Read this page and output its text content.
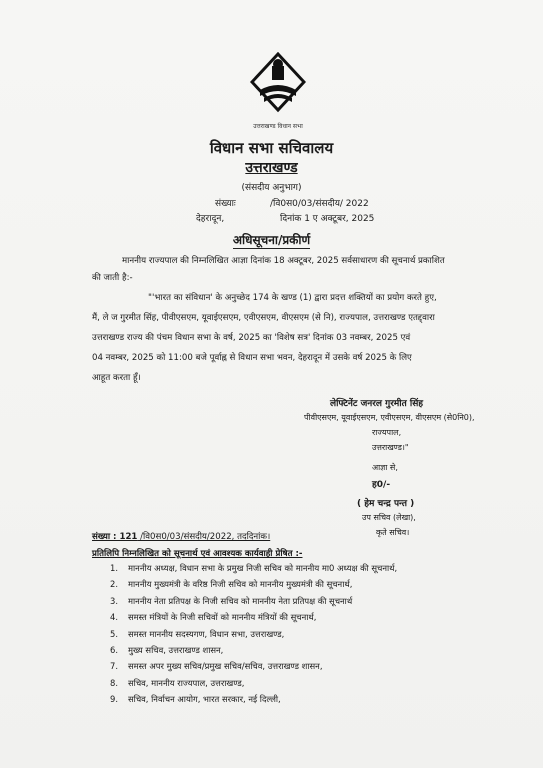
उत्तराखण्ड विधान सभा
विधान सभा सचिवालय
उत्तराखण्ड
(संसदीय अनुभाग)
संख्याः	/वि0स0/03/संसदीय/ 2022
देहरादून,	दिनांक 1 ए अक्टूबर, 2025
अधिसूचना/प्रकीर्ण
माननीय राज्यपाल की निम्नलिखित आज्ञा दिनांक 18 अक्टूबर, 2025 सर्वसाधारण की सूचनार्थ प्रकाशित
की जाती है:-
"'भारत का संविधान' के अनुच्छेद 174 के खण्ड (1) द्वारा प्रदत्त शक्तियों का प्रयोग करते हुए,
मैं, ले ज गुरमीत सिंह, पीवीएसएम, यूवाईएसएम, एवीएसएम, वीएसएम (से नि), राज्यपाल, उत्तराखण्ड एतद्द्वारा
उत्तराखण्ड राज्य की पंचम विधान सभा के वर्ष, 2025 का 'विशेष सत्र' दिनांक 03 नवम्बर, 2025 एवं
04 नवम्बर, 2025 को 11:00 बजे पूर्वाह्न से विधान सभा भवन, देहरादून में उसके वर्ष 2025 के लिए
आहूत करता हूँ।
लेफ्टिनेंट जनरल गुरमीत सिंह
पीवीएसएम, यूवाईएसएम, एवीएसएम, वीएसएम (से0नि0),
राज्यपाल,
उत्तराखण्ड।"
आज्ञा से,
ह0/-
( हेम चन्द्र पन्त )
उप सचिव (लेखा),
कृते सचिव।
संख्या : 121 /वि0स0/03/संसदीय/2022, तददिनांक।
प्रतिलिपि निम्नलिखित को सूचनार्थ एवं आवश्यक कार्यवाही प्रेषित :-
1. माननीय अध्यक्ष, विधान सभा के प्रमुख निजी सचिव को माननीय मा0 अध्यक्ष की सूचनार्थ,
2. माननीय मुख्यमंत्री के वरिष्ठ निजी सचिव को माननीय मुख्यमंत्री की सूचनार्थ,
3. माननीय नेता प्रतिपक्ष के निजी सचिव को माननीय नेता प्रतिपक्ष की सूचनार्थ
4. समस्त मंत्रियों के निजी सचिवों को माननीय मंत्रियों की सूचनार्थ,
5. समस्त माननीय सदस्यगण, विधान सभा, उत्तराखण्ड,
6. मुख्य सचिव, उत्तराखण्ड शासन,
7. समस्त अपर मुख्य सचिव/प्रमुख सचिव/सचिव, उत्तराखण्ड शासन,
8. सचिव, माननीय राज्यपाल, उत्तराखण्ड,
9. सचिव, निर्वाचन आयोग, भारत सरकार, नई दिल्ली,
